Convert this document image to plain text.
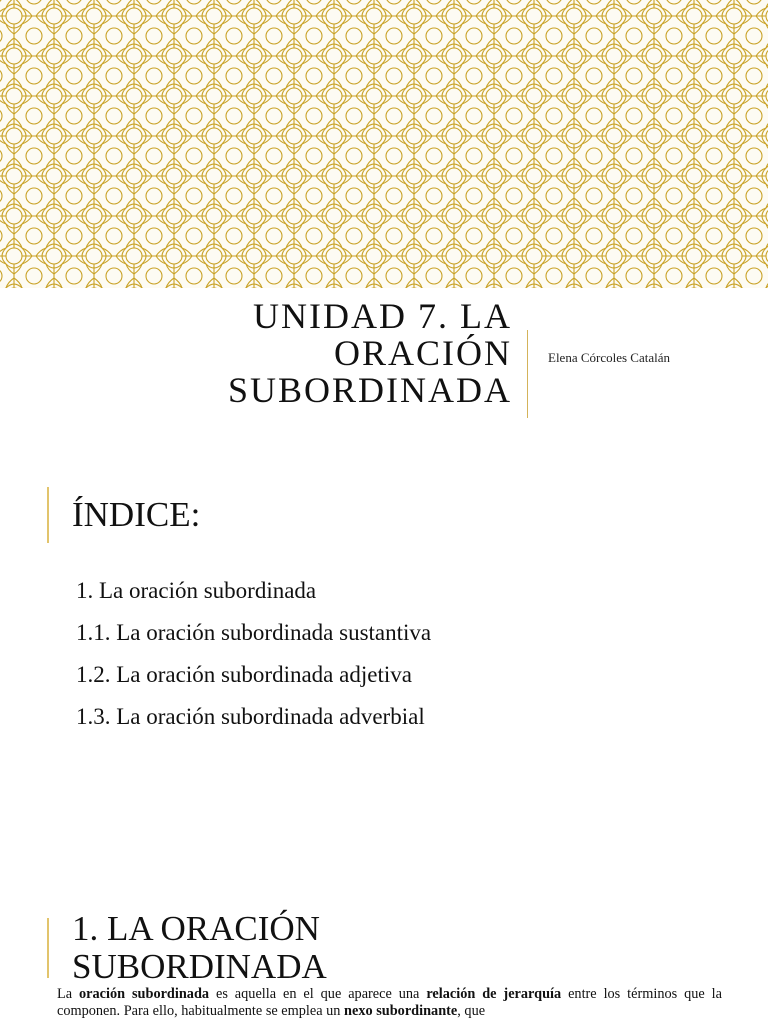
UNIDAD 7. LA
ORACIÓN
SUBORDINADA
Elena Córcoles Catalán
ÍNDICE:
1. La oración subordinada
1.1. La oración subordinada sustantiva
1.2. La oración subordinada adjetiva
1.3. La oración subordinada adverbial
1. LA ORACIÓN
SUBORDINADA

La oración subordinada es aquella en el que aparece una relación de jerarquía entre los términos que la componen. Para ello, habitualmente se emplea un nexo subordinante, que
